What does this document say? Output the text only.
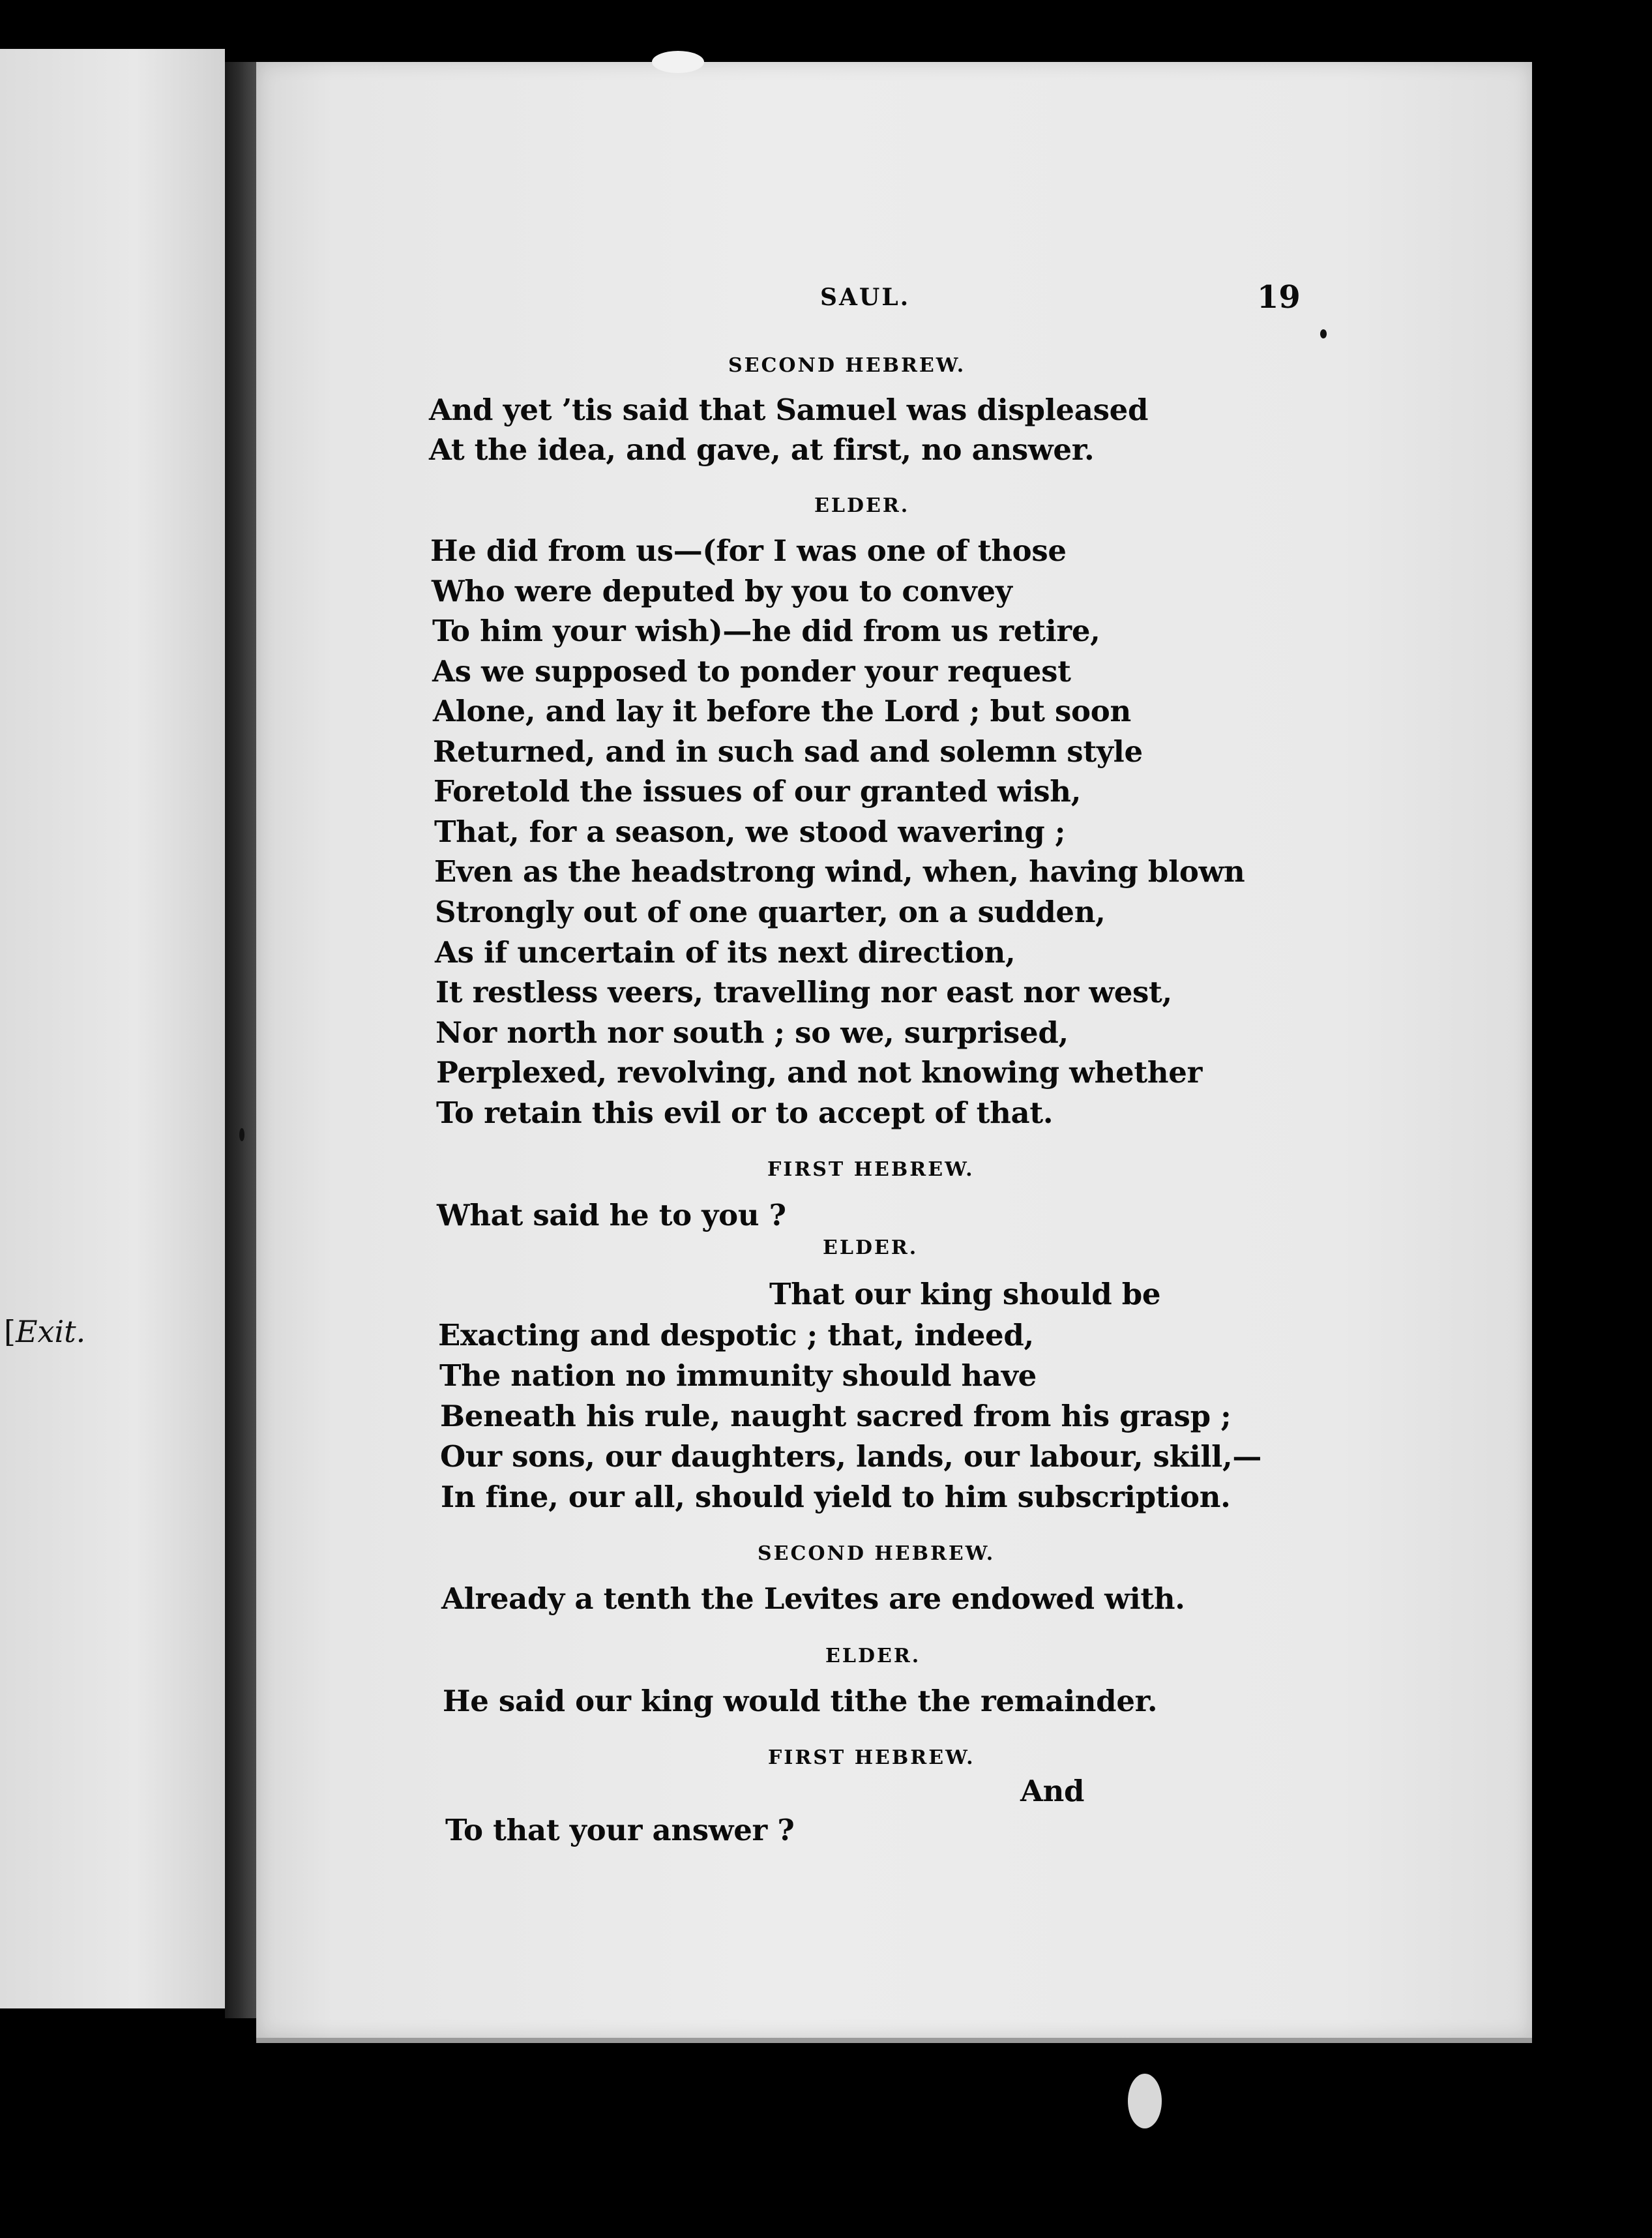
[Exit.
SAUL.	19
SECOND HEBREW.
And yet ’tis said that Samuel was displeased
At the idea, and gave, at first, no answer.
ELDER.
He did from us—(for I was one of those
Who were deputed by you to convey
To him your wish)—he did from us retire,
As we supposed to ponder your request
Alone, and lay it before the Lord ; but soon
Returned, and in such sad and solemn style
Foretold the issues of our granted wish,
That, for a season, we stood wavering ;
Even as the headstrong wind, when, having blown
Strongly out of one quarter, on a sudden,
As if uncertain of its next direction,
It restless veers, travelling nor east nor west,
Nor north nor south ; so we, surprised,
Perplexed, revolving, and not knowing whether
To retain this evil or to accept of that.
FIRST HEBREW.
What said he to you ?
ELDER.
That our king should be
Exacting and despotic ; that, indeed,
The nation no immunity should have
Beneath his rule, naught sacred from his grasp ;
Our sons, our daughters, lands, our labour, skill,—
In fine, our all, should yield to him subscription.
SECOND HEBREW.
Already a tenth the Levites are endowed with.
ELDER.
He said our king would tithe the remainder.
FIRST HEBREW.
And
To that your answer ?
